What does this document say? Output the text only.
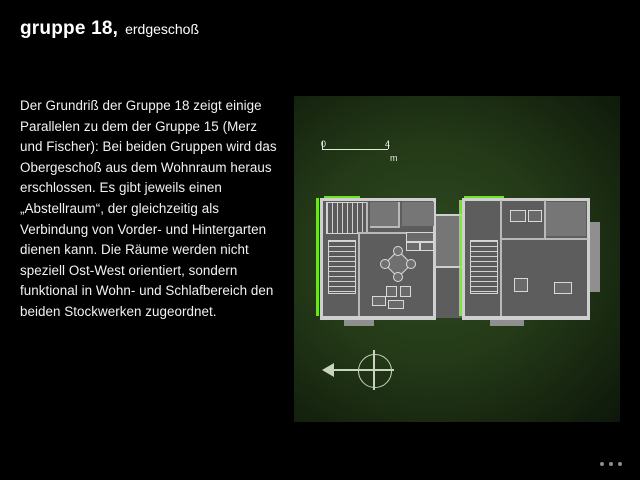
gruppe 18, erdgeschoß
Der Grundriß der Gruppe 18 zeigt einige Parallelen zu dem der Gruppe 15 (Merz und Fischer): Bei beiden Gruppen wird das Obergeschoß aus dem Wohnraum heraus erschlossen. Es gibt jeweils einen „Abstellraum“, der gleichzeitig als Verbindung von Vorder- und Hintergarten dienen kann. Die Räume werden nicht speziell Ost-West orientiert, sondern funktional in Wohn- und Schlafbereich den beiden Stockwerken zugeordnet.
0	4
m
